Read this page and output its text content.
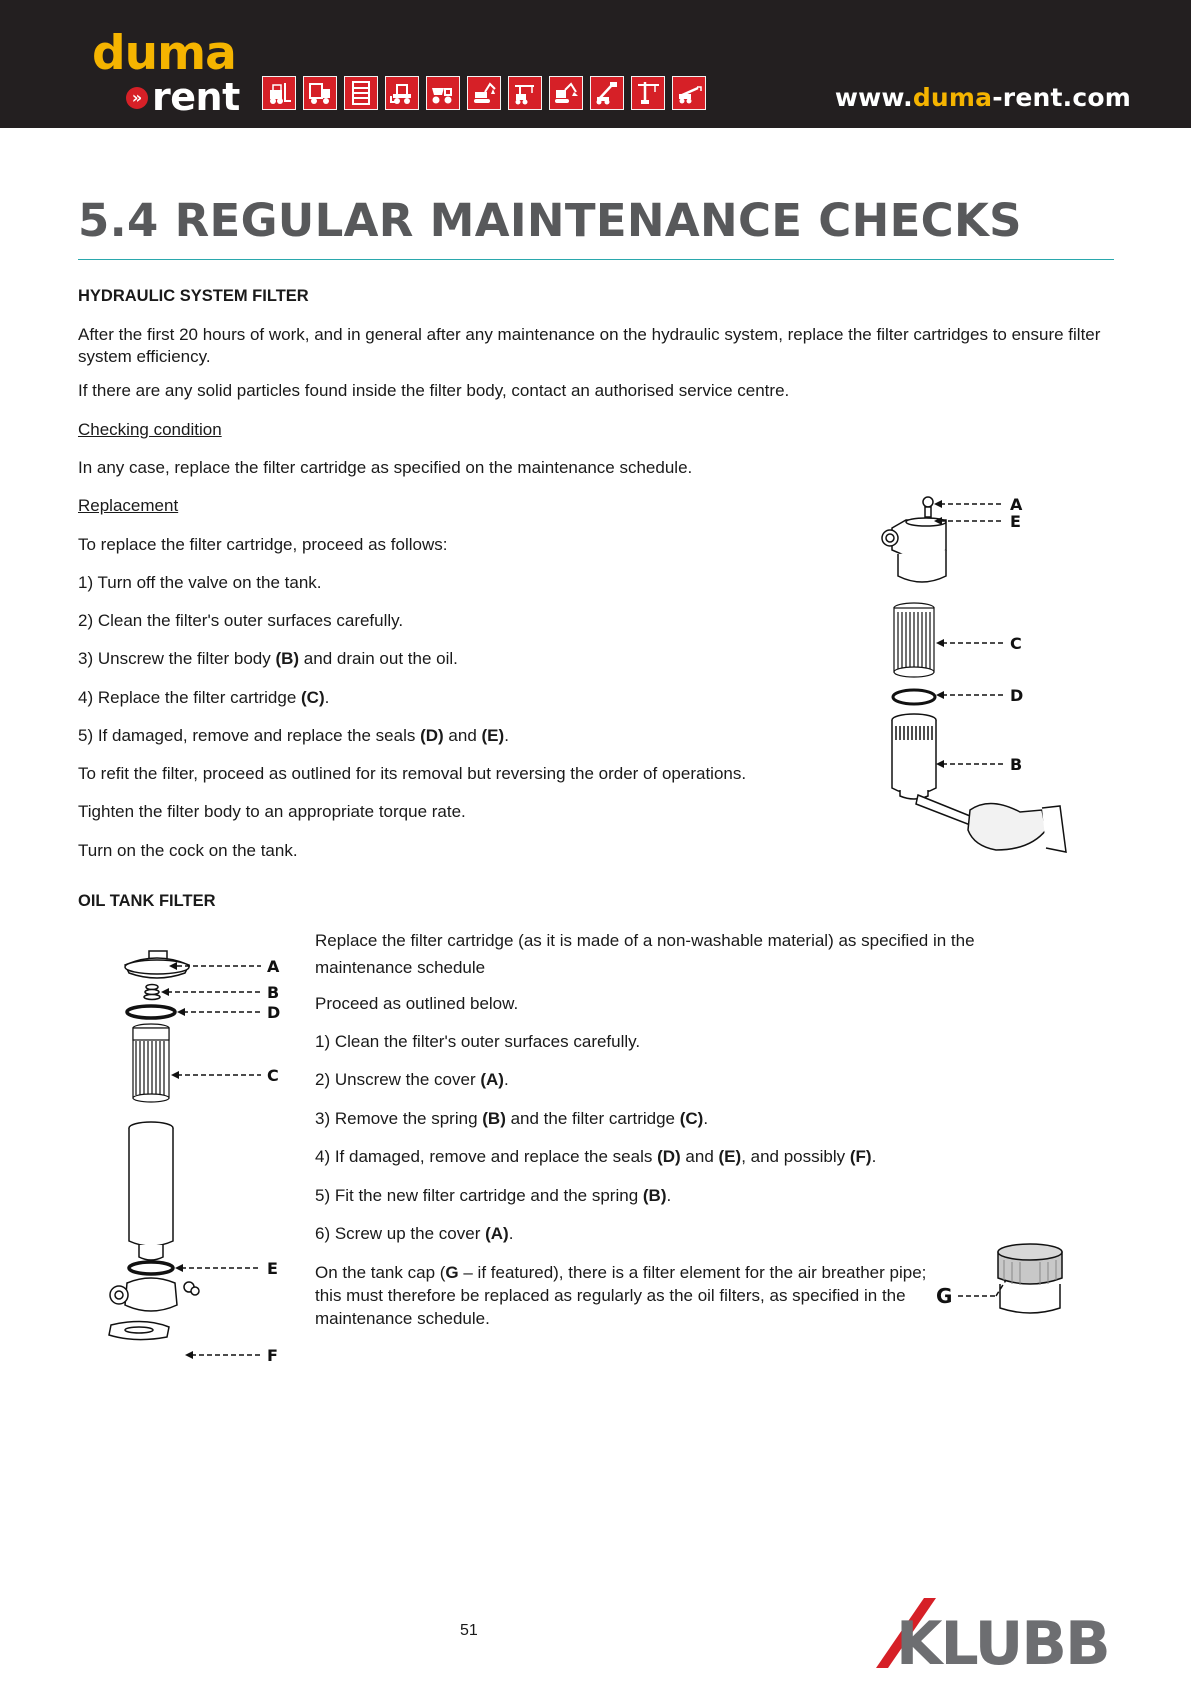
duma
» rent	www.duma-rent.com
5.4 REGULAR MAINTENANCE CHECKS

HYDRAULIC SYSTEM FILTER

After the first 20 hours of work, and in general after any maintenance on the hydraulic system, replace the filter cartridges to ensure filter system efficiency.

If there are any solid particles found inside the filter body, contact an authorised service centre.

Checking condition

In any case, replace the filter cartridge as specified on the maintenance schedule.

Replacement

To replace the filter cartridge, proceed as follows:

1) Turn off the valve on the tank.

2) Clean the filter's outer surfaces carefully.

3) Unscrew the filter body (B) and drain out the oil.

4) Replace the filter cartridge (C).

5) If damaged, remove and replace the seals (D) and (E).

To refit the filter, proceed as outlined for its removal but reversing the order of operations.

Tighten the filter body to an appropriate torque rate.

Turn on the cock on the tank.

A
E
C
D
B

OIL TANK FILTER

Replace the filter cartridge (as it is made of a non-washable material) as specified in the maintenance schedule

Proceed as outlined below.

1) Clean the filter's outer surfaces carefully.

2) Unscrew the cover (A).

3) Remove the spring (B) and the filter cartridge (C).

4) If damaged, remove and replace the seals (D) and (E), and possibly (F).

5) Fit the new filter cartridge and the spring (B).

6) Screw up the cover (A).

On the tank cap (G – if featured), there is a filter element for the air breather pipe; this must therefore be replaced as regularly as the oil filters, as specified in the maintenance schedule.

A
B
D
C
E
F
G
51	KLUBB
